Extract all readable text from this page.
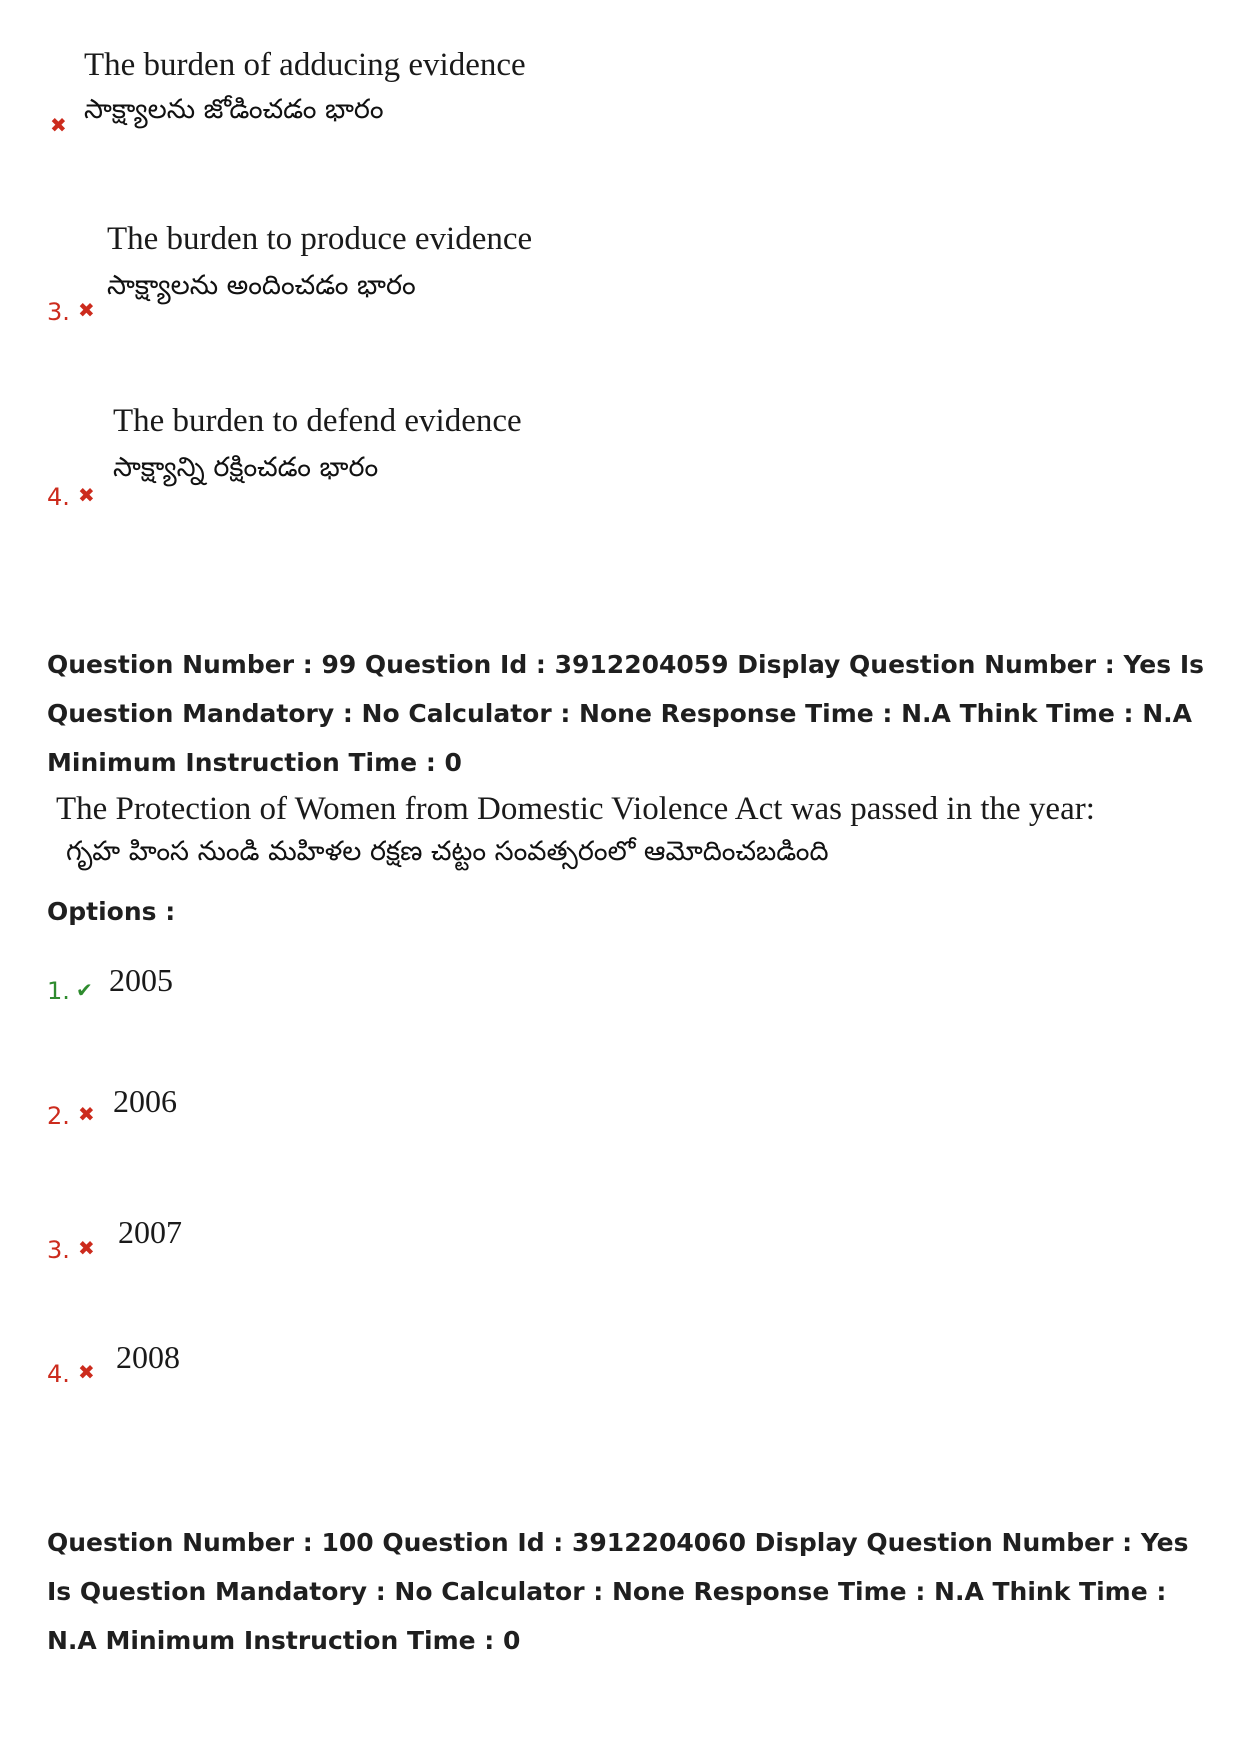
The burden of adducing evidence
సాక్ష్యాలను జోడించడం భారం
✖
The burden to produce evidence
సాక్ష్యాలను అందించడం భారం
3. ✖
The burden to defend evidence
సాక్ష్యాన్ని రక్షించడం భారం
4. ✖
Question Number : 99 Question Id : 3912204059 Display Question Number : Yes Is Question Mandatory : No Calculator : None Response Time : N.A Think Time : N.A Minimum Instruction Time : 0
The Protection of Women from Domestic Violence Act was passed in the year:
గృహ హింస నుండి మహిళల రక్షణ చట్టం సంవత్సరంలో ఆమోదించబడింది
Options :
1. ✔ 2005
2. ✖ 2006
3. ✖ 2007
4. ✖ 2008
Question Number : 100 Question Id : 3912204060 Display Question Number : Yes Is Question Mandatory : No Calculator : None Response Time : N.A Think Time : N.A Minimum Instruction Time : 0
